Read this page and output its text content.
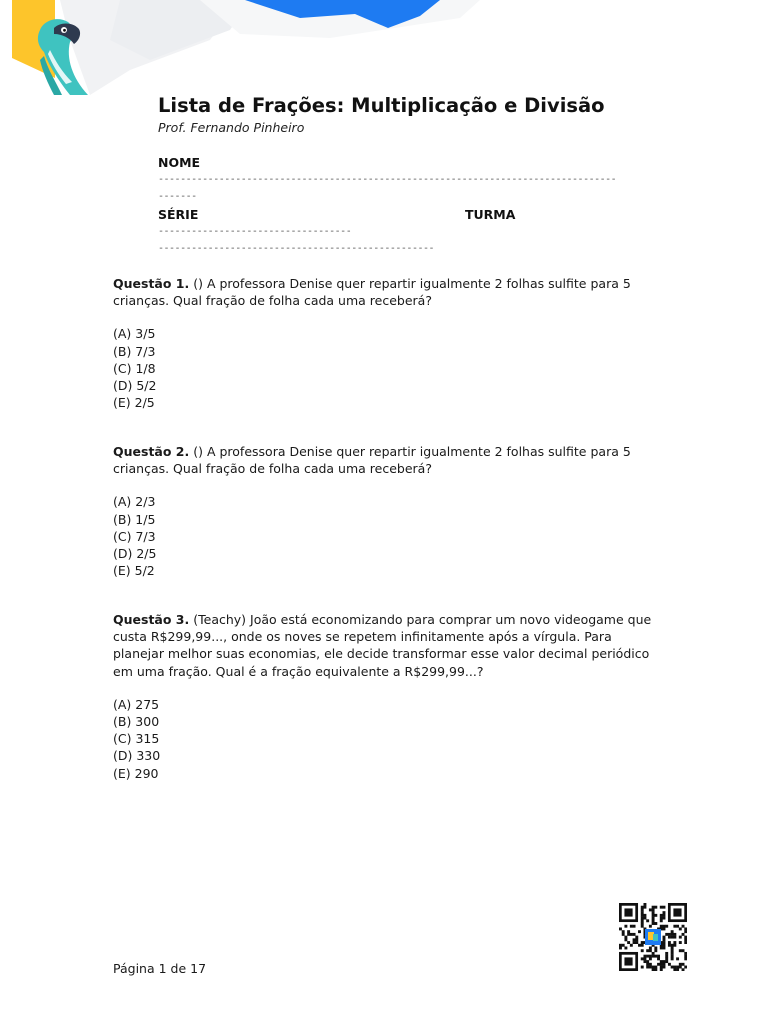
Lista de Frações: Multiplicação e Divisão
Prof. Fernando Pinheiro
NOME
-----------------------------------------------------------------------------------
-------
SÉRIE	TURMA
-----------------------------------
--------------------------------------------------

Questão 1. () A professora Denise quer repartir igualmente 2 folhas sulfite para 5 crianças. Qual fração de folha cada uma receberá?

(A) 3/5
(B) 7/3
(C) 1/8
(D) 5/2
(E) 2/5

Questão 2. () A professora Denise quer repartir igualmente 2 folhas sulfite para 5 crianças. Qual fração de folha cada uma receberá?

(A) 2/3
(B) 1/5
(C) 7/3
(D) 2/5
(E) 5/2

Questão 3. (Teachy) João está economizando para comprar um novo videogame que custa R$299,99..., onde os noves se repetem infinitamente após a vírgula. Para planejar melhor suas economias, ele decide transformar esse valor decimal periódico em uma fração. Qual é a fração equivalente a R$299,99...?

(A) 275
(B) 300
(C) 315
(D) 330
(E) 290
Página 1 de 17
